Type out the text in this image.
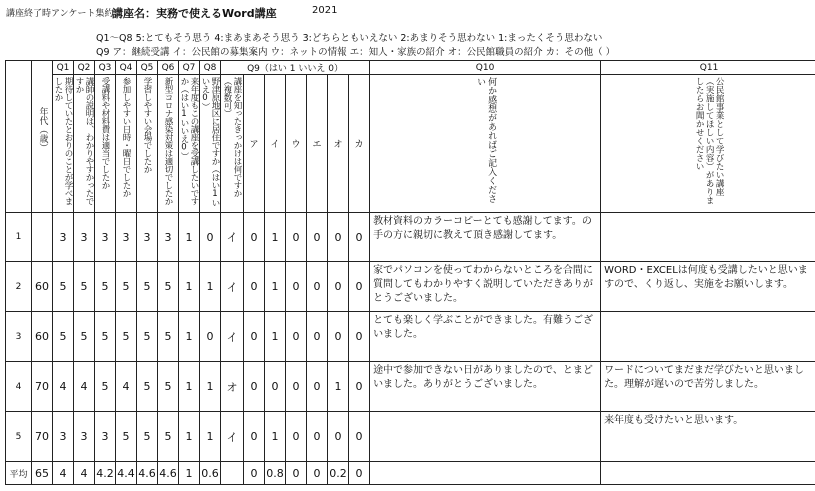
講座終了時アンケート集約
講座名： 実務で使えるWord講座	2021
Q1～Q8 5:とてもそう思う 4:まあまあそう思う 3:どちらともいえない 2:あまりそう思わない 1:まったくそう思わない
Q9 ア：継続受講 イ：公民館の募集案内 ウ：ネットの情報 エ：知人・家族の紹介 オ：公民館職員の紹介 カ：その他（ ）

	年代（歳）	Q1	Q2	Q3	Q4	Q5	Q6	Q7	Q8	Q9（はい 1 いいえ 0）							Q10	Q11

		期待していたとおりのことが学べましたか	講師の説明は、わかりやすかったですか	受講料や材料費は適当でしたか	参加しやすい日時・曜日でしたか	学習しやすい会場でしたか	新型コロナ感染対策は適切でしたか	来年度もこの講座を受講したいですか（はい1いいえ0）	野津原地区に居住ですか（はい1いいえ0）	講座を知ったきっかけは何ですか（複数可）	ア	イ	ウ	エ	オ	カ	何か感想があればご記入ください	公民館事業として学びたい講座（実施してほしい内容）がありましたらお聞かせください

1		3	3	3	3	3	3	1	0	イ	0	1	0	0	0	0	教材資料のカラーコピーとても感謝してます。の手の方に親切に教えて頂き感謝してます。	
2	60	5	5	5	5	5	5	1	1	イ	0	1	0	0	0	0	家でパソコンを使ってわからないところを合間に質問してもわかりやすく説明していただきありがとうございました。	WORD・EXCELは何度も受講したいと思いますので、くり返し、実施をお願いします。
3	60	5	5	5	5	5	5	1	0	イ	0	1	0	0	0	0	とても楽しく学ぶことができました。有難うございました。	
4	70	4	4	5	4	5	5	1	1	オ	0	0	0	0	1	0	途中で参加できない日がありましたので、とまどいました。ありがとうございました。	ワードについてまだまだ学びたいと思いました。理解が遅いので苦労しました。
5	70	3	3	3	5	5	5	1	1	イ	0	1	0	0	0	0		来年度も受けたいと思います。
平均	65	4	4	4.2	4.4	4.6	4.6	1	0.6		0	0.8	0	0	0.2	0		
